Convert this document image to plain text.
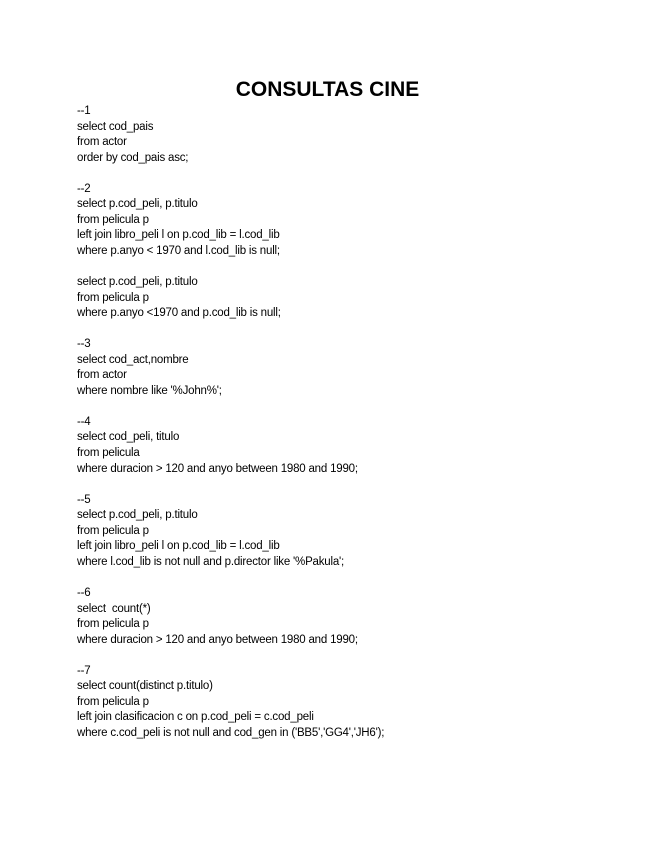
CONSULTAS CINE
--1
select cod_pais
from actor
order by cod_pais asc;
--2
select p.cod_peli, p.titulo
from pelicula p
left join libro_peli l on p.cod_lib = l.cod_lib
where p.anyo < 1970 and l.cod_lib is null;
select p.cod_peli, p.titulo
from pelicula p
where p.anyo <1970 and p.cod_lib is null;
--3
select cod_act,nombre
from actor
where nombre like '%John%';
--4
select cod_peli, titulo
from pelicula
where duracion > 120 and anyo between 1980 and 1990;
--5
select p.cod_peli, p.titulo
from pelicula p
left join libro_peli l on p.cod_lib = l.cod_lib
where l.cod_lib is not null and p.director like '%Pakula';
--6
select  count(*)
from pelicula p
where duracion > 120 and anyo between 1980 and 1990;
--7
select count(distinct p.titulo)
from pelicula p
left join clasificacion c on p.cod_peli = c.cod_peli
where c.cod_peli is not null and cod_gen in ('BB5','GG4','JH6');
